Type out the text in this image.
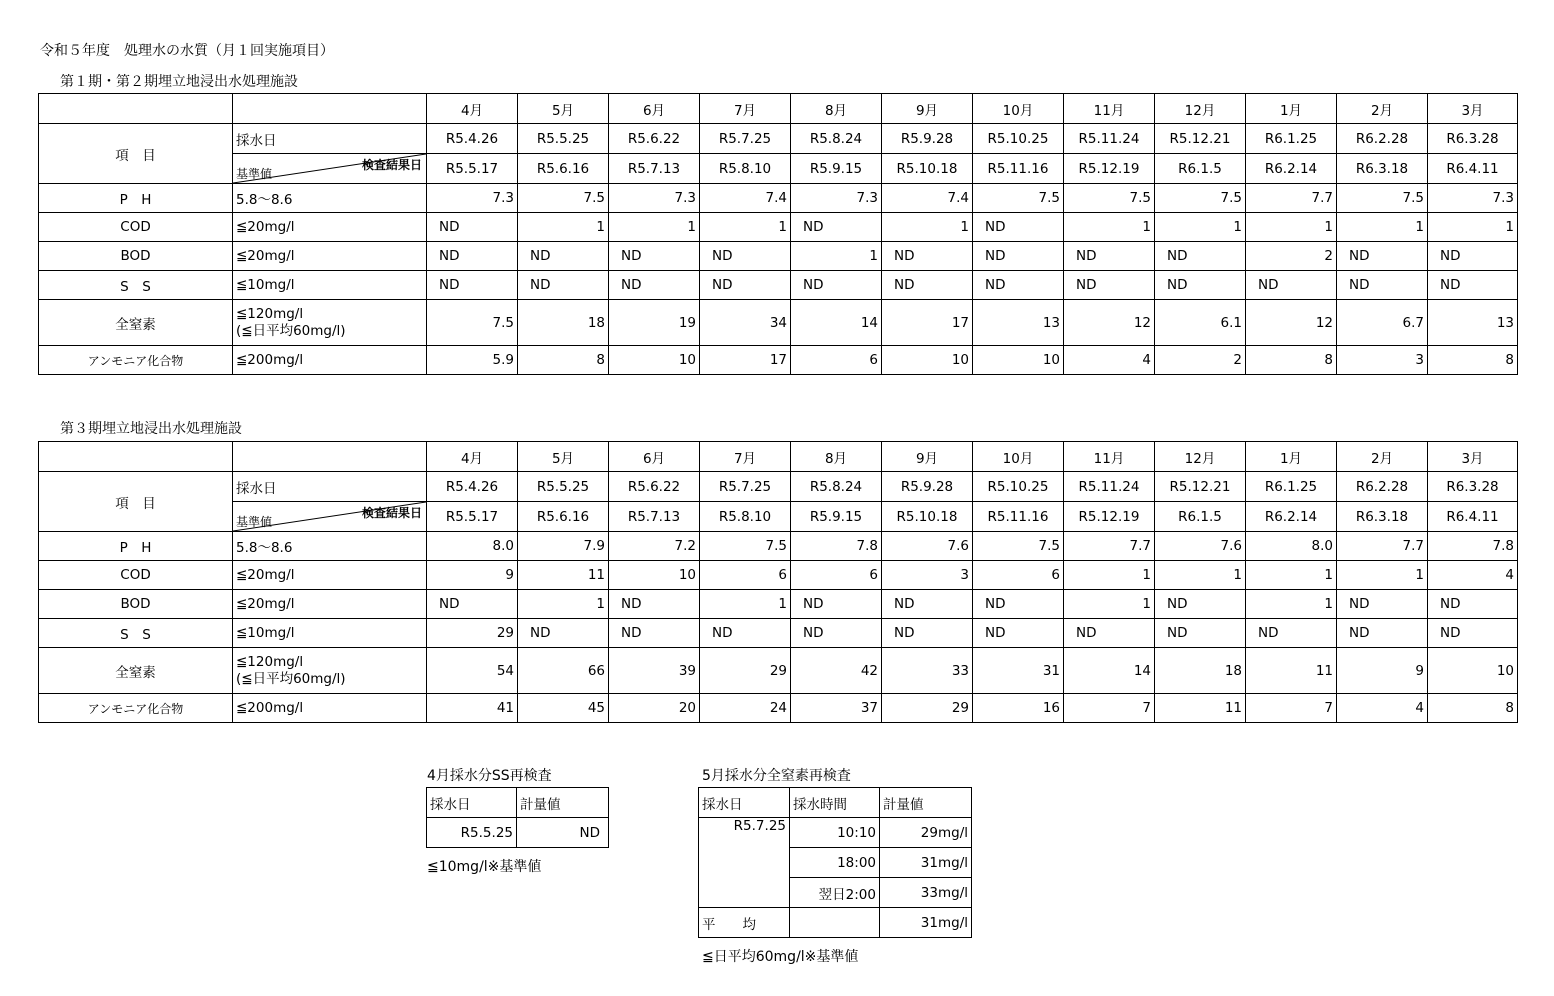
令和５年度　処理水の水質（月１回実施項目）
第１期・第２期埋立地浸出水処理施設
		4月	5月	6月	7月	8月	9月	10月	11月	12月	1月	2月	3月
項　目	採水日	R5.4.26	R5.5.25	R5.6.22	R5.7.25	R5.8.24	R5.9.28	R5.10.25	R5.11.24	R5.12.21	R6.1.25	R6.2.28	R6.3.28

	検査結果日
基準値	R5.5.17	R5.6.16	R5.7.13	R5.8.10	R5.9.15	R5.10.18	R5.11.16	R5.12.19	R6.1.5	R6.2.14	R6.3.18	R6.4.11
P　H	5.8～8.6	7.3	7.5	7.3	7.4	7.3	7.4	7.5	7.5	7.5	7.7	7.5	7.3
COD	≦20mg/l	ND	1	1	1	ND	1	ND	1	1	1	1	1
BOD	≦20mg/l	ND	ND	ND	ND	1	ND	ND	ND	ND	2	ND	ND
S　S	≦10mg/l	ND	ND	ND	ND	ND	ND	ND	ND	ND	ND	ND	ND
全窒素	≦120mg/l
(≦日平均60mg/l)	7.5	18	19	34	14	17	13	12	6.1	12	6.7	13
アンモニア化合物	≦200mg/l	5.9	8	10	17	6	10	10	4	2	8	3	8
第３期埋立地浸出水処理施設
		4月	5月	6月	7月	8月	9月	10月	11月	12月	1月	2月	3月
項　目	採水日	R5.4.26	R5.5.25	R5.6.22	R5.7.25	R5.8.24	R5.9.28	R5.10.25	R5.11.24	R5.12.21	R6.1.25	R6.2.28	R6.3.28

	検査結果日
基準値	R5.5.17	R5.6.16	R5.7.13	R5.8.10	R5.9.15	R5.10.18	R5.11.16	R5.12.19	R6.1.5	R6.2.14	R6.3.18	R6.4.11
P　H	5.8～8.6	8.0	7.9	7.2	7.5	7.8	7.6	7.5	7.7	7.6	8.0	7.7	7.8
COD	≦20mg/l	9	11	10	6	6	3	6	1	1	1	1	4
BOD	≦20mg/l	ND	1	ND	1	ND	ND	ND	1	ND	1	ND	ND
S　S	≦10mg/l	29	ND	ND	ND	ND	ND	ND	ND	ND	ND	ND	ND
全窒素	≦120mg/l
(≦日平均60mg/l)	54	66	39	29	42	33	31	14	18	11	9	10
アンモニア化合物	≦200mg/l	41	45	20	24	37	29	16	7	11	7	4	8
4月採水分SS再検査
採水日	計量値
R5.5.25	ND
≦10mg/l※基準値
5月採水分全窒素再検査
採水日	採水時間	計量値
R5.7.25	10:10	29mg/l
	18:00	31mg/l
	翌日2:00	33mg/l
平　　均		31mg/l
≦日平均60mg/l※基準値
